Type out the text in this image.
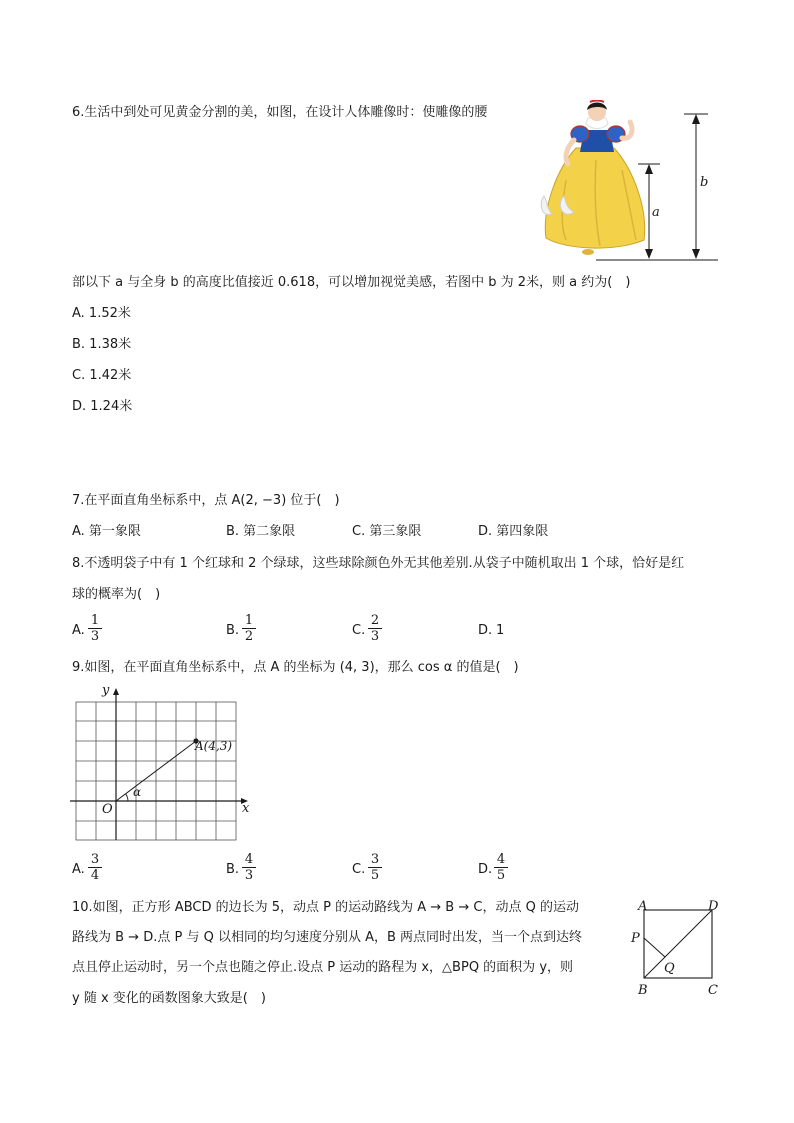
6.生活中到处可见黄金分割的美，如图，在设计人体雕像时：使雕像的腰
a
b
部以下 a 与全身 b 的高度比值接近 0.618，可以增加视觉美感，若图中 b 为 2米，则 a 约为(　)
A. 1.52米
B. 1.38米
C. 1.42米
D. 1.24米
7.在平面直角坐标系中，点 A(2, −3) 位于(　)
A. 第一象限	B. 第二象限	C. 第三象限	D. 第四象限
8.不透明袋子中有 1 个红球和 2 个绿球，这些球除颜色外无其他差别.从袋子中随机取出 1 个球，恰好是红
球的概率为(　)
A. $\frac{1}{3}$	B. $\frac{1}{2}$	C. $\frac{2}{3}$	D. 1
9.如图，在平面直角坐标系中，点 A 的坐标为 (4, 3)，那么 cos α 的值是(　)
y
x
O
A(4,3)
α
A. $\frac{3}{4}$	B. $\frac{4}{3}$	C. $\frac{3}{5}$	D. $\frac{4}{5}$
10.如图，正方形 ABCD 的边长为 5，动点 P 的运动路线为 A → B → C，动点 Q 的运动
路线为 B → D.点 P 与 Q 以相同的均匀速度分别从 A，B 两点同时出发，当一个点到达终
点且停止运动时，另一个点也随之停止.设点 P 运动的路程为 x，△BPQ 的面积为 y，则
y 随 x 变化的函数图象大致是(　)
A	D
P
Q
B	C
